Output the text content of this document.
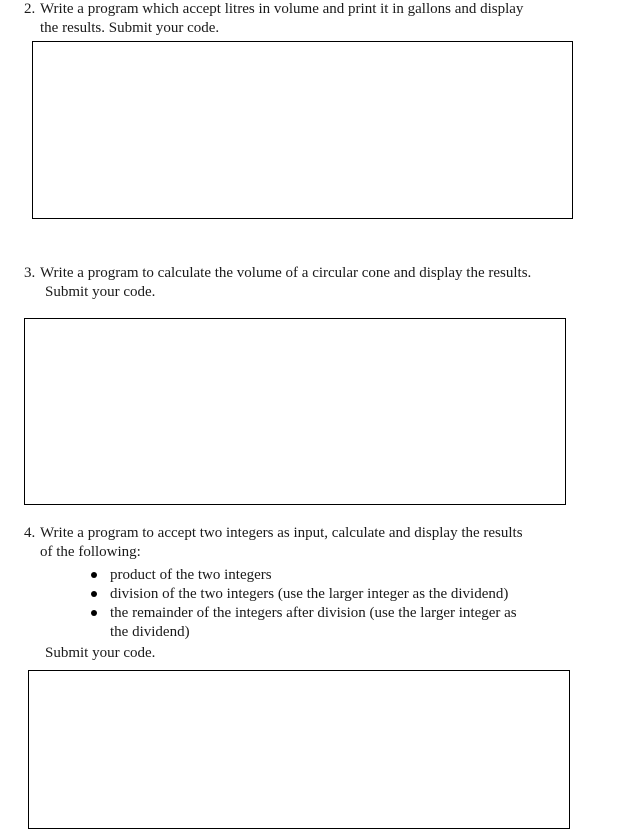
2. Write a program which accept litres in volume and print it in gallons and display
the results. Submit your code.
3. Write a program to calculate the volume of a circular cone and display the results.
Submit your code.
4. Write a program to accept two integers as input, calculate and display the results
of the following:
product of the two integers
division of the two integers (use the larger integer as the dividend)
the remainder of the integers after division (use the larger integer as
the dividend)
Submit your code.
